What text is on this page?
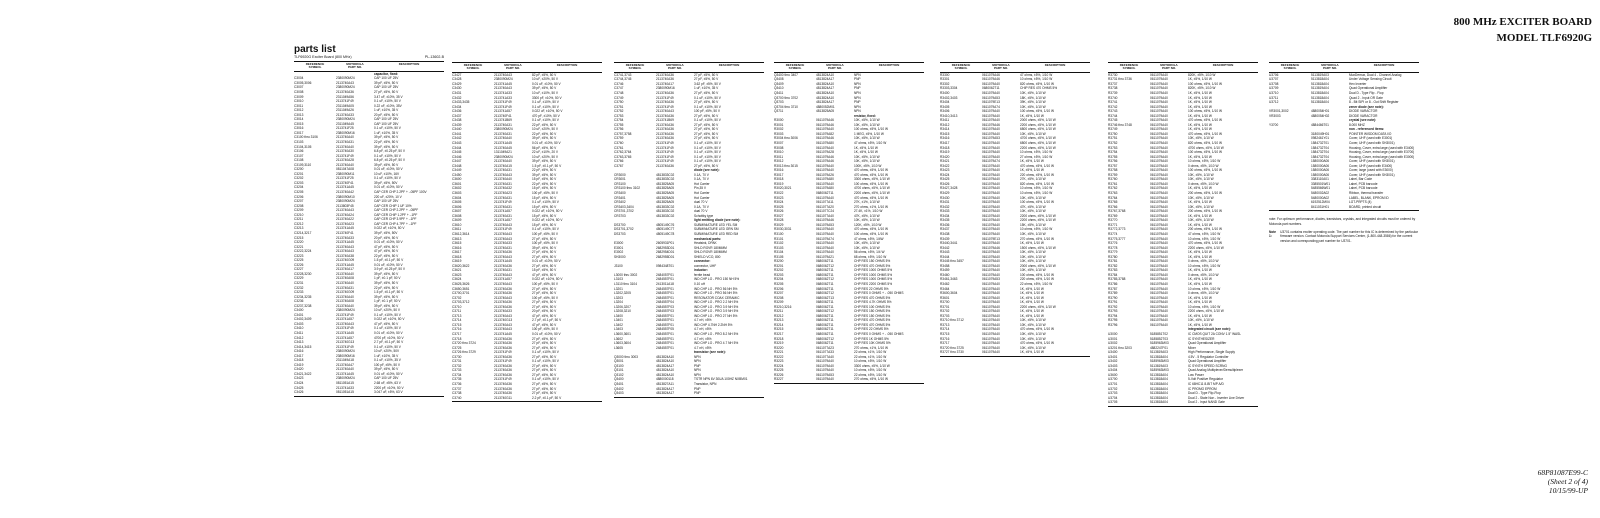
800 MHz EXCITER BOARD
MODEL TLF6920G
parts list
TLF6920G Exciter Board (800 MHz)	PL-13602-B
REFERENCE
SYMBOL
MOTOROLA
PART NO.
DESCRIPTION
capacitor, fixed:
C3004	2380090M24	CAP 100 UF 25V
C3005,3006	2113740A43	39 pF, ±5%, 50 V
C3007	2380090M24	CAP 100 UF 25V
C3008	2113740A36	27 pF, ±5%, 50 V
C3009	2311049A56	3.47 uF, ±10%, 35 V
C3010	2113741F49	0.1 uF, ±10%, 50 V
C3011	2311049A05	0.22 uF, ±10%, 35V
C3012	2311049A26	1 uF, ±10%, 35 V
C3013	2113740A33	20 pF, ±5%, 50 V
C3014	2380090M24	CAP 100 UF 25V
C3015	2311049A45	CAP 100 UF 25V
C3016	2113741F25	0.1 uF, ±10%, 50 V
C3017	2380090M16	1 uF, ±10%, 35 V
C3100 thru 3106	2113740A40	39 pF, ±5%, 50 V
C3103	2113740A31	22 pF, ±5%, 50 V
C3104,3105	2113740A40	39 pF, ±5%, 50 V
C3106	2113740A30	6.8 pF, ±0.25 pF, 50 V
C3107	2113741F49	0.1 uF, ±10%, 50 V
C3108	2113740A28	6.8 pF, ±0.25 pF, 50 V
C3109,3110	2113740A40	39 pF, ±5%, 50 V
C3200	0811047A08	0.01 uF, ±10%, 50 V
C3201	2380090M11	10 uF, ±10%, 16V
C3202	2113741F25	0.1 uF, ±10%, 50 V
C3203	2113740F41	39 pF, ±5%, 50V
C3204	2113741A45	0.01 uF, ±10%, 50 V
C3205	2113740A42	CAP CER CHP 2.2PF + -.05PF 100V
C3206	2380090M10	220 uF, ±20%, 10 V
C3207	2380090M24	CAP 100 UF 25V
C3208	2113803F45	CAP CER CHIP 1 UF 10%
C3209	2113740A43	CAP CER CHP 2.2PF + -.05PF
C3210	2113740A24	CAP CER CHIP 1.2PF + -.1PF
C3211	2113740A22	CAP CER CHP 3.9PF + -.1PF
C3212	2113740A23	CAP CER CHP 4.7PF + -.1PF
C3213	2113741A45	0.022 uF, ±10%, 50 V
C3214,3217	2113740F41	39 pF, ±5%, 50V
C3215	2113740A33	20 pF, ±5%, 50 V
C3220	2113741A45	0.01 uF, ±10%, 50 V
C3221	2113740A43	47 pF, ±5%, 50 V
C3222,3224	2113740A43	47 pF, ±5%, 50 V
C3223	2113740A38	22 pF, ±5%, 50 V
C3225	2113740G09	1.5 pF, ±0.1 pF, 50 V
C3226	2113741A45	0.01 uF, ±10%, 50 V
C3227	2113740A17	3.9 pF, ±0.25 pF, 50 V
C3228,3230	2113740A40	39 pF, ±5%, 50 V
C3229	2113740A08	1 pF, ±0.1 pF, 50 V
C3231	2113740A40	39 pF, ±5%, 50 V
C3232	2113740A31	22 pF, ±5%, 50 V
C3233	2113740G09	1.5 pF, ±0.1 pF, 50 V
C3234,3235	2113740A40	39 pF, ±5%, 50 V
C3236	2113740A08	1 pF, ±0.1 pF, 50 V
C3237,3238	2113740A40	39 pF, ±5%, 50 V
C3400	2380090M24	10 uF, ±20%, 50 V
C3401	2113741F49	0.1 uF, ±10%, 50 V
C3402,3409	2113741A57	0.022 uF, ±10%, 50 V
C3403	2113740A43	47 pF, ±5%, 50 V
C3410	2113741F49	0.1 uF, ±10%, 50 V
C3411	2113741A45	0.01 uF, ±10%, 50 V
C3412	2113741A57	4700 pF, ±10%, 50 V
C3413	2113740G13	2.7 pF, ±0.1 pF, 50 V
C3414,3415	2113741F49	0.1 uF, ±10%, 50 V
C3416	2380090M24	10 uF, ±20%, 50V
C3417	2380090M16	1 uF, ±10%, 35 V
C3418	2311049A18	0.1 uF, ±10%, 35 V
C3419	2113740A47	100 pF, ±5%, 50 V
C3420	2113740A40	39 pF, ±5%, 50 V
C3421,3422	2113741A45	0.01 uF, ±10%, 50 V
C3423	2380090M24	CAP 100 UF 25V
C3424	0811051A15	2.68 uF, ±5%, 63 V
C3425	2113741A33	2200 pF, ±10%, 50 V
C3426	0811051A15	3.047 uF, ±5%, 63 V
REFERENCE
SYMBOL
MOTOROLA
PART NO.
DESCRIPTION
C3427	2113740A43	82 pF, ±5%, 50 V
C3428	2380090M24	10 uF, ±20%, 50 V
C3429	2113741A45	0.01 uF, ±10%, 50 V
C3430	2113740A43	39 pF, ±5%, 50 V
C3431	2113741A33	10 uF, ±10%, 50 V
C3432	2113741A33	3300 pF, ±10%, 50 V
C3433,3435	2113741F49	0.1 uF, ±10%, 50 V
C3434	2113741F49	0.1 uF, ±10%, 50 V
C3436	2113741A57	0.022 uF, ±10%, 50 V
C3437	2113740F41	470 pF, ±10%, 50 V
C3438	2113741B69	0.1 uF, ±10%, 50 V
C3439	2113740A31	22 pF, ±5%, 50 V
C3440	2380090M24	10 uF, ±20%, 50 V
C3441	2113740A31	22 pF, ±5%, 50 V
C3442	2113740A40	39 pF, ±5%, 50 V
C3443	2113741A45	0.01 uF, ±10%, 50 V
C3444	2113740A45	56 pF, ±5%, 50 V
C3445	1311049A21	22 uF, ±10%, 20 V
C3446	2380090M24	10 uF, ±20%, 50 V
C3447	2113740A40	39 pF, ±5%, 50 V
C3448	2113740A15	1.5 pF, ±0.1 pF, 50 V
C3449	2113740A31	22 pF, ±5%, 50 V
C3450	2113740A43	39 pF, ±5%, 50 V
C3600	2113740A40	15 pF, ±5%, 50 V
C3601	2113740A31	22 pF, ±5%, 50 V
C3602	2113740A32	15 pF, ±5%, 50 V
C3603	2113740A23	100 pF, ±5%, 50 V
C3604	2113740A31	15 pF, ±5%, 50 V
C3605	2113741F49	0.1 uF, ±10%, 50 V
C3606	2113740A31	15 pF, ±5%, 50 V
C3607	2113741A57	0.022 uF, ±10%, 50 V
C3608	2113740A31	15 pF, ±5%, 50 V
C3609	2113741A57	0.022 uF, ±10%, 50 V
C3610	2113740A43	15 pF, ±5%, 50 V
C3611	2113741F49	0.1 uF, ±10%, 50 V
C3612,3614	2113740A43	100 pF, ±5%, 50 V
C3613	2113740A43	27 pF, ±5%, 50 V
C3615	2113740A33	100 pF, ±5%, 50 V
C3616	2113740A31	39 pF, ±5%, 50 V
C3617	2113740A36	27 pF, ±5%, 50 V
C3618	2113740A43	27 pF, ±5%, 50 V
C3619	2113741A45	0.01 uF, ±10%, 50 V
C3620,3622	2113740A36	27 pF, ±5%, 50 V
C3621	2113740A31	15 pF, ±5%, 50 V
C3623	2113740A43	47 pF, ±5%, 50 V
C3624	2113741A57	0.022 uF, ±10%, 50 V
C3625,3626	2113740A43	100 pF, ±5%, 50 V
C3650,3651	2113740A36	27 pF, ±5%, 50 V
C3700,3701	2113740A36	27 pF, ±5%, 50 V
C3702	2113740A43	100 pF, ±5%, 50 V
C3703,3712	2113740A36	27 pF, ±5%, 50 V
C3710	2113740A36	27 pF, ±5%, 50 V
C3711	2113740A33	20 pF, ±5%, 50 V
C3713	2113740A43	47 pF, ±5%, 50 V
C3714	2113740G13	2.7 pF, ±0.1 pF, 50 V
C3715	2113740A43	47 pF, ±5%, 50 V
C3716	2113740A43	100 pF, ±5%, 50 V
C3717	2113741A45	0.01 uF, ±10%, 50 V
C3718	2113740A36	27 pF, ±5%, 50 V
C3720 thru 3724	2113740A36	27 pF, ±5%, 50 V
C3725	2113740A36	27 pF, ±5%, 50 V
C3726 thru 3729	2113741F49	0.1 uF, ±10%, 50 V
C3730	2113740A36	27 pF, ±5%, 50 V
C3731	2113741F49	0.1 uF, ±10%, 50 V
C3732	2113740A36	27 pF, ±5%, 50 V
C3733	2113740A36	27 pF, ±5%, 50 V
C3734	2113740A36	27 pF, ±5%, 50 V
C3735	2113741F49	0.1 uF, ±10%, 50 V
C3736	2113740A36	27 pF, ±5%, 50 V
C3737	2113740A36	27 pF, ±5%, 50 V
C3738	2113740A36	27 pF, ±5%, 50 V
C3740	2113740G11	2.2 pF, ±0.1 pF, 50 V
REFERENCE
SYMBOL
MOTOROLA
PART NO.
DESCRIPTION
C3741,3743	2113740A36	27 pF, ±5%, 50 V
C3744,3745	2113740A36	27 pF, ±5%, 50 V
C3746	2113740A17	3.62 pF, ±5%, 50 V
C3747	2380090M16	1 uF, ±10%, 35 V
C3748	2113740A36	27 pF, ±5%, 50 V
C3749	2113741F49	0.1 uF, ±10%, 50 V
C3750	2113740A36	27 pF, ±5%, 50 V
C3751	2113741F49	0.1 uF, ±10%, 50 V
C3752	2113740A43	100 pF, ±5%, 50 V
C3753	2113740A36	27 pF, ±5%, 50 V
C3754	2113741B69	0.1 uF, ±10%, 50 V
C3755	2113740A36	27 pF, ±5%, 50 V
C3756	2113740A36	27 pF, ±5%, 50 V
C3757,3758	2113740A36	27 pF, ±5%, 50 V
C3759	2113740A36	27 pF, ±5%, 50 V
C3760	2113741F49	0.1 uF, ±10%, 50 V
C3761	2113741F49	0.1 uF, ±10%, 50 V
C3762,3764	2113741F49	0.1 uF, ±10%, 50 V
C3763,3765	2113741F49	0.1 uF, ±10%, 50 V
C3766	2113741F49	0.1 uF, ±10%, 50 V
C3767	2113740A36	27 pF, ±5%, 50 V
diode (see note):
CR3000	4813833C02	0.1A, 70 V
CR3001	4813833C02	0.1A, 70 V
CR3100	4813825A05	Hot Carrier
CR3100 thru 3102	4813825A05	Pin,35 V
CR3400	4813825A05	Hot Carrier
CR3401	4813825A05	Hot Carrier
CR3402	4813825A05	dual 70 V
CR3403,3404	4813833C02	0.1A, 70 V
CR3701,3702	4813833C02	dual 70 V
CR3703	4813833C02	Schottky type
light emitting diode (see note):
DS3700	4805149C76	SUBMINIATURE LED YEL SM
DS3701,3702	4805149C77	SUBMINIATURE LED GRN SM
DS3703	4805149C78	SUBMINIATURE LED RED SM
mechanical parts:
E3000	2605931P01	Heatsink, DPAK
E3001	2682953D01	SHLD ROVR 180MMM
E3002	2682954D01	SHLD ROVR 180MMM
SH3000	2682955D01	SHIELD VCO, 800
connector:
J3100	0984348T01	connector, UHF
inductor:
L3000 thru 3002	2484057F01	ferrite bead
L3103	2484557F01	IND CHP LO - PRO 150 NH 5%
L3110 thru 3104	2413011A18	0.10 uH
L3201	2484557F01	IND CHP LO - PRO 56 NH 5%
L3202,3205	2484557F01	IND CHP LO - PRO 56 NH 5%
L3203	2484557F01	RESONATOR COAX CERAMIC
L3204	2484557F04	IND CHP LO - PRO 2.2 NH 5%
L3206,3207	2484557F03	IND CHP LO - PRO 3.9 NH 5%
L3208,3210	2484557F03	IND CHP LO - PRO 3.9 NH 5%
L3400	2484557F01	IND CHP LO - PRO 27 NH 5%
L3401	2484557F01	4.7 nH, ±5%
L3402	2484557F01	IND CHP 4.7NH 2.2NH 5%
L3403	2484557F05	4.7 nH, ±5%
L3600,3601	2484557F01	IND CHP LO - PRO 8.2 NH 5%
L3602	2484557F01	4.7 nH, ±5%
L3603,3604	2484557F01	IND CHP LO - PRO 4.7 NH 5%
L3605	2484557F01	4.7 nH, ±5%
transistor (see note):
Q3000 thru 3003	4813824A10	NPN
Q3001	4813824A10	NPN
Q3100	4813824A17	PNP
Q3101	4813824A10	NPN
Q3102	4813824A10	NPN
Q3400	4880000118	TSTR NPN 6V 30UA 100HZ NXBM01
Q3401	4813827A11	Transistor, NPN
Q3402	4813824A17	PNP
Q3403	4813824A17	PNP
REFERENCE
SYMBOL
MOTOROLA
PART NO.
DESCRIPTION
Q3400 thru 3407	4813824A10	NPN
Q3408	4813824A17	PNP
Q3409	4813824A10	NPN
Q3410	4813824A17	PNP
Q3411	4813824A10	NPN
Q3700 thru 3702	4813824A10	NPN
Q3703	4813824A17	PNP
Q3704 thru 3710	4880052M01	NPN
Q3711	4813825A05	NPN
resistor, fixed:
R3000	0611079A46	10K, ±5%, 1/10 W
R3001	0611079A46	10K, ±5%, 1/10 W
R3002	0611079A40	100 ohms, ±5%, 1/10 W
R3003	0611079A82	1 MEG, ±5%, 1/10 W
R3004 thru 3006	0611079A46	10K, ±5%, 1/10 W
R3007	0611079A80	47 ohms, ±5%, 1/10 W
R3008	0611079A40	1K, ±5%, 1/10 W
R3010	0611079A28	1K, ±5%, 1/10 W
R3011	0611079A46	10K, ±5%, 1/10 W
R3012	0611079A46	10K, ±5%, 1/10 W
R3013 thru 3015	0611079A40	100K, ±5%, 1/10 W
R3016	0611079A40	470 ohms, ±5%, 1/10 W
R3017	0611079A26	470 ohms, ±5%, 1/10 W
R3018	0611079A80	3300 ohms, ±5%, 1/10 W
R3019	0611079A40	100 ohms, ±5%, 1/10 W
R3020,3021	0611079A80	4700 ohms, ±5%, 1/10 W
R3022	0680062T11	2200 ohms, ±5%, 1/10 W
R3023	0611079A40	470 ohms, ±5%, 1/10 W
R3024	0611077A11	27K, ±1%, 1/10 W
R3025	0611077A20	270 ohms, ±1%, 1/10 W
R3026	0611077C24	27.4K, ±1%, 1/10 W
R3027	0611077A40	47K, ±5%, 1/10 W
R3028	0611079A46	10K, ±5%, 1/10 W
R3029	0611079A53	120K, ±5%, 1/10 W
R3030,3031	0611079A40	470 ohms, ±5%, 1/10 W
R3100	0611079A40	100 ohms, ±5%, 1/10 W
R3101	0611079A74	47 ohms, ±5%, 1/4W
R3102	0611079A40	10K, ±5%, 1/10 W
R3103	0611079A40	10K, ±5%, 1/10 W
R3104	0611079A40	56 ohms, ±5%, 1/4 W
R3105	0611079A21	68 ohms, ±5%, 1/10 W
R3200	0680062T11	CHP RES 150 OHMS 5%
R3201	0680062T12	CHP RES 470 OHMS 5%
R3202	0680062T11	CHP RES 1000 OHMS 5%
R3203	0680062T11	CHP RES 1000 OHMS 5%
R3204	0680062T12	CHP RES 1000 OHMS 5%
R3205	0680062T11	CHP RES 2200 OHMS 5%
R3206	0680062T11	CHP RES 22 OHMS 5%
R3207	0680062T12	CHP RES 0 OHMS + - .050 OHMS
R3208	0680062T13	CHP RES 470 OHMS 5%
R3209	0680062T11	CHP RES 4.7K OHMS 5%
R3210,3216	0680062T11	CHP RES 100 OHMS 5%
R3211	0680062T12	CHP RES 150 OHMS 5%
R3212	0680062T11	CHP RES 150 OHMS 5%
R3213	0680062T11	CHP RES 470 OHMS 5%
R3214	0680062T11	CHP RES 470 OHMS 5%
R3215	0680062T11	CHP RES 22 OHMS 5%
R3217	0680062T11	CHP RES 0 OHMS + - .050 OHMS
R3218	0680062T12	CHP RES 1K OHMS 5%
R3219	0680062T11	CHP RES 10K OHMS 5%
R3220	0611077A23	270 ohms, ±1%, 1/10 W
R3221	0611077A33	22 ohms, ±1%, 1/10 W
R3222	0611077A40	22 ohms, ±1%, 1/10 W
R3223	0611079A40	10 ohms, ±5%, 1/10 W
R3224	0611079A40	3300 ohms, ±5%, 1/10 W
R3225	0611079A40	10 ohms, ±5%, 1/10 W
R3226	0611079A53	22 ohms, ±5%, 1/10 W
R3227	0611079A40	270 ohms, ±5%, 1/10 W
REFERENCE
SYMBOL
MOTOROLA
PART NO.
DESCRIPTION
R3300	0611079A46	47 ohms, ±5%, 1/10 W
R3301	0611079A46	10 ohms, ±5%, 1/10 W
R3302	0611079A40	820 ohms, ±5%, 1/10 W
R3303,3304	0680062T11	CHIP RES 470 OHMS 5%
R3400	0611079A40	10K, ±5%, 1/10 W
R3402,3403	0611079A53	18K, ±5%, 1/10 W
R3404	0611079E13	39K, ±5%, 1/10 W
R3405	0611079A74	10K, ±5%, 1/10 W
R3406	0611079A40	100 ohms, ±5%, 1/10 W
R3410,3413	0611079A40	1K, ±5%, 1/10 W
R3411	0611079A40	2000 ohms, ±5%, 1/10 W
R3412	0611079A46	2200 ohms, ±5%, 1/10 W
R3414	0611079A40	6800 ohms, ±5%, 1/10 W
R3415	0611079A40	10K, ±5%, 1/10 W
R3416	0611079A53	4700 ohms, ±5%, 1/10 W
R3417	0611079A40	6800 ohms, ±5%, 1/10 W
R3418	0611079A40	2200 ohms, ±5%, 1/10 W
R3419	0611079A40	10 ohms, ±5%, 1/10 W
R3420	0611079A40	27 ohms, ±5%, 1/10 W
R3421	0611079A74	1K, ±5%, 1/10 W
R3422	0611079A40	470 ohms, ±5%, 1/10 W
R3423	0611079A40	1K, ±5%, 1/10 W
R3424	0611079A40	220 ohms, ±5%, 1/10 W
R3425	0611079A40	27K, ±5%, 1/10 W
R3426	0611079A40	820 ohms, ±5%, 1/10 W
R3427,3428	0611079A40	10 ohms, ±5%, 1/10 W
R3429	0611079A40	10 ohms, ±5%, 1/10 W
R3430	0611079A40	10K, ±5%, 1/10 W
R3431	0611079A40	100 ohms, ±5%, 1/10 W
R3432	0611079A40	47K, ±5%, 1/10 W
R3433	0611079A40	10K, ±5%, 1/10 W
R3434	0611079A40	2200 ohms, ±5%, 1/10 W
R3435	0611079A40	2200 ohms, ±5%, 1/10 W
R3436	0611079A40	15K, ±5%, 1/10 W
R3437	0611079A40	10 ohms, ±5%, 1/10 W
R3438	0611079A40	10K, ±5%, 1/10 W
R3439	0611079E13	270 ohms, ±5%, 1/10 W
R3440,3441	0611079A40	1K, ±5%, 1/10 W
R3442	0611079A46	1500 ohms, ±5%, 1/10 W
R3443	0611079A40	10K, ±5%, 1/10 W
R3444	0611079A40	10K, ±5%, 1/10 W
R3445 thru 3457	0611079A40	10K, ±5%, 1/10 W
R3458	0611079A40	2000 ohms, ±5%, 1/10 W
R3459	0611079A40	10K, ±5%, 1/10 W
R3460	0611079A40	100 ohms, ±5%, 1/10 W
R3461,3463	0611079A53	220 ohms, ±5%, 1/10 W
R3462	0611079A40	22 ohms, ±5%, 1/10 W
R3464	0611079A40	1K, ±5%, 1/10 W
R3600,3604	0611079A40	1K, ±5%, 1/10 W
R3601	0611079A40	1K, ±5%, 1/10 W
R3700	0611079A40	1K, ±5%, 1/10 W
R3701	0611079A40	2200 ohms, ±5%, 1/10 W
R3702	0611079A40	1K, ±5%, 1/10 W
R3703	0611079A40	1K, ±5%, 1/10 W
R3710 thru 3712	0611079A40	10K, ±5%, 1/10 W
R3713	0611079A40	10K, ±5%, 1/10 W
R3714	0611079A40	470 ohms, ±5%, 1/10 W
R3715	0611079A40	10K, ±5%, 1/10 W
R3716	0611079A40	10K, ±5%, 1/10 W
R3717	0611079A40	470 ohms, ±5%, 1/10 W
R3720 thru 3725	0611079A40	10K, ±5%, 1/10 W
R3727 thru 3730	0611079A40	1K, ±5%, 1/10 W
REFERENCE
SYMBOL
MOTOROLA
PART NO.
DESCRIPTION
R3730	0611079A40	820K, ±5%, 1/10 W
R3731 thru 3736	0611079A40	1K, ±5%, 1/10 W
R3737	0611079A40	100 ohms, ±5%, 1/10 W
R3738	0611079A40	820K, ±5%, 1/10 W
R3739	0611079A40	1K, ±5%, 1/10 W
R3740	0611079A40	1K, ±5%, 1/10 W
R3741	0611079A40	1K, ±5%, 1/10 W
R3742	0611079A40	1K, ±5%, 1/10 W
R3743	0611079A40	100 ohms, ±5%, 1/10 W
R3744	0611079A40	1K, ±5%, 1/10 W
R3745	0611079A40	470 ohms, ±5%, 1/10 W
R3746 thru 3748	0611079A40	1K, ±5%, 1/10 W
R3749	0611079A40	1K, ±5%, 1/10 W
R3750	0611079A40	470 ohms, ±5%, 1/10 W
R3751	0611079A40	10K, ±5%, 1/10 W
R3752	0611079A40	820 ohms, ±5%, 1/10 W
R3753	0611079A40	4700 ohms, ±5%, 1/10 W
R3754	0611079A40	100 ohms, ±5%, 1/10 W
R3755	0611079A40	1K, ±5%, 1/10 W
R3756	0611079A40	10 ohms, ±5%, 1/10 W
R3757	0611079A40	0 ohms, ±5%, 1/10 W
R3758	0611079A40	100 ohms, ±5%, 1/10 W
R3759	0611079A40	10K, ±5%, 1/10 W
R3760	0611079A40	10K, ±5%, 1/10 W
R3761	0611079A40	0 ohms, ±5%, 1/10 W
R3762	0611079A40	1K, ±5%, 1/10 W
R3763	0611079A40	200 ohms, ±5%, 1/10 W
R3764	0611079A40	10K, ±5%, 1/10 W
R3765	0611079A40	1K, ±5%, 1/10 W
R3766	0611079A40	10K, ±5%, 1/10 W
R3767,3768	0611079A40	200 ohms, ±5%, 1/10 W
R3769	0611079A40	1K, ±5%, 1/10 W
R3770	0611079A40	10K, ±5%, 1/10 W
R3771	0611079A40	1K, ±5%, 1/10 W
R3772,3773	0611079A40	200 ohms, ±5%, 1/10 W
R3774	0611079A40	47 ohms, ±5%, 1/10 W
R3775,3777	0611079A40	10 ohms, ±5%, 1/10 W
R3776	0611079A40	470 ohms, ±5%, 1/10 W
R3778	0611079A40	2200 ohms, ±5%, 1/10 W
R3779	0611079A40	1K, ±5%, 1/10 W
R3780	0611079A40	1K, ±5%, 1/10 W
R3781	0611079A40	0 ohms, ±5%, 1/10 W
R3782	0611079A40	10 ohms, ±5%, 1/10 W
R3783	0611079A40	1K, ±5%, 1/10 W
R3784	0611079A40	0 ohms, ±5%, 1/10 W
R3785,3788	0611079A40	1K, ±5%, 1/10 W
R3786	0611079A40	1K, ±5%, 1/10 W
R3787	0611079A40	10 ohms, ±5%, 1/10 W
R3789	0611079A40	0 ohms, ±5%, 1/10 W
R3790	0611079A40	1K, ±5%, 1/10 W
R3791	0611079A40	1K, ±5%, 1/10 W
R3792	0611079A40	10 ohms, ±5%, 1/10 W
R3793	0611079A40	2200 ohms, ±5%, 1/10 W
R3794	0611079A40	1K, ±5%, 1/10 W
R3795	0611079A40	10K, ±5%, 1/10 W
R3796	0611079A40	1K, ±5%, 1/10 W
integrated circuit (see note):
U3000	5185851T02	IC CMOS QUIT 2A CONV 1.5" WASL
U3001	5185852T03	IC SYNTHESIZER
U3002	5185963M03	Quad Operational Amplifier
U3201 thru 3203	4882247F01	Mixer
U3400	5113819A03	High Performance, Single Supply
U3401	5113818A04	4.5V - 5 Regulator Controller
U3402	5185963M03	Quad Operational Amplifier
U3403	5113819A03	IC SYNTH SPEED SCRNG
U3404	5185963M03	Quad Analog Multiplexer/Demultiplexer
U3600	5113818A04	Low Power
U3700	5113818A04	5-Volt Positive Regulator
U3701	5113818A04	IC 68HC11 8-BIT MP A/D
U3702	5113818A04	IC PROMO EPROM
U3703	5113818A04	Dual D - Type Flip-Flop
U3704	5113818A04	Dual 2 - State Non - Inverter Line Driver
U3705	5113818A04	Dual 2 - Input NAND Gate
REFERENCE
SYMBOL
MOTOROLA
PART NO.
DESCRIPTION
U3706	5113819A03	MuxDemux, Dual 4 - Channel Analog
U3707	5113818A04	Under Voltage Sensing Circuit
U3708	5113818A04	Hex Inverter
U3709	5113819A04	Quad Operational Amplifier
U3710	5113818A04	Dual D - Type Flip - Flop
U3711	5113818A04	Quad 2 - Input OR Gate
U3712	5113818A04	8 - Bit SIPI or 8 - Out Shift Register
zener diode (see note):
VR3001,3002	4880054H01	DIODE VARACTOR
VR3003	4880054H02	DIODE VARACTOR
crystal (see note):
Y3700	4884466T01	8.000 MHZ
non - referenced items:
3180049H01	POINTER WISDOM DATA I/O
0982461Y01	Cover, UHF (used with E3001)
1584732T01	Cover, UHF (used with SH3001)
1584732T04	Housing, Cover, extra large (used with E3400)
1584732T04	Housing, Cover, extra large (used with E3700)
1584732T04	Housing, Cover, extra large (used with E3000)
1580000A06	Cover, UHF (used with SH3001)
1580000A06	Cover, UHF (used with E3400)
1580000A06	Cover, large (used with E3000)
1580000A06	Cover, UHF (used with SH3001)
3383110A01	Label, Bar Code
3385501W01	Label, PCB barcode
5485566W01	Label, PCB barcode
5480002A02	Ribbon, thermal transfer
5480000A02	LABEL, BLANK, EPROM ID
6192512M04	LGT-PRPTS (4)
8411031H01	BOARD, printed circuit
note: For optimum performance, diodes, transistors, crystals, and integrated circuits must be ordered by Motorola part numbers.
Note 1:
U3701 contains exciter operating code. The part number for this IC is determined by the particular firmware version. Contact Motorola Support Services Center, (1-800-448-3586) for the current version and corresponding part number for U3701.
68P81087E99-C
(Sheet 2 of 4)
10/15/99-UP
